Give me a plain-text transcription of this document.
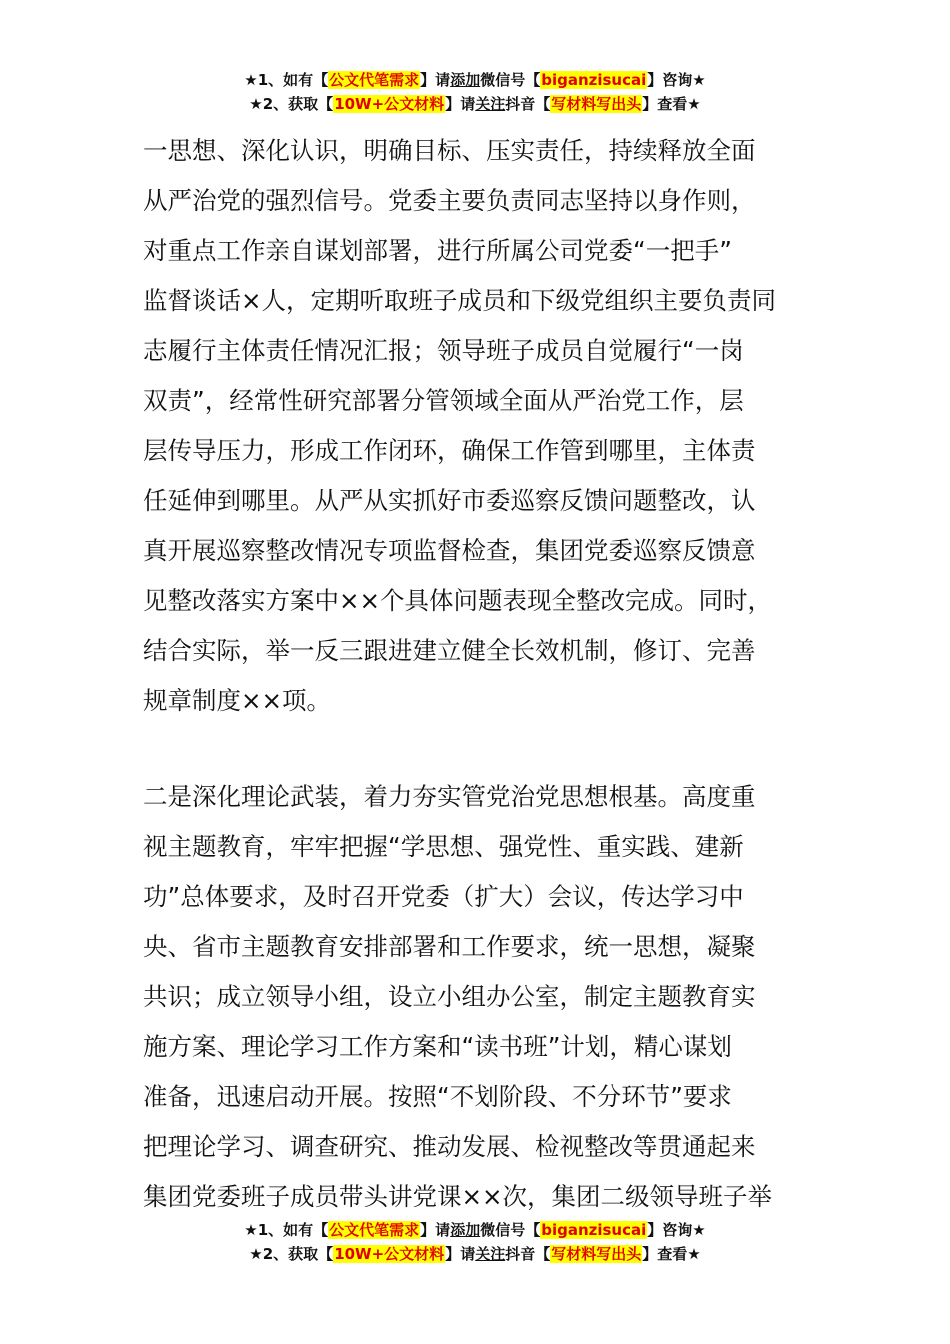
★1、如有【公文代笔需求】请添加微信号【biganzisucai】咨询★
★2、获取【10W+公文材料】请关注抖音【写材料写出头】查看★
一思想、深化认识，明确目标、压实责任，持续释放全面
从严治党的强烈信号。党委主要负责同志坚持以身作则，
对重点工作亲自谋划部署，进行所属公司党委“一把手”
监督谈话×人，定期听取班子成员和下级党组织主要负责同
志履行主体责任情况汇报；领导班子成员自觉履行“一岗
双责”，经常性研究部署分管领域全面从严治党工作，层
层传导压力，形成工作闭环，确保工作管到哪里，主体责
任延伸到哪里。从严从实抓好市委巡察反馈问题整改，认
真开展巡察整改情况专项监督检查，集团党委巡察反馈意
见整改落实方案中××个具体问题表现全整改完成。同时，
结合实际，举一反三跟进建立健全长效机制，修订、完善
规章制度××项。
二是深化理论武装，着力夯实管党治党思想根基。高度重
视主题教育，牢牢把握“学思想、强党性、重实践、建新
功”总体要求，及时召开党委（扩大）会议，传达学习中
央、省市主题教育安排部署和工作要求，统一思想，凝聚
共识；成立领导小组，设立小组办公室，制定主题教育实
施方案、理论学习工作方案和“读书班”计划，精心谋划
准备，迅速启动开展。按照“不划阶段、不分环节”要求
把理论学习、调查研究、推动发展、检视整改等贯通起来
集团党委班子成员带头讲党课××次，集团二级领导班子举
★1、如有【公文代笔需求】请添加微信号【biganzisucai】咨询★
★2、获取【10W+公文材料】请关注抖音【写材料写出头】查看★
